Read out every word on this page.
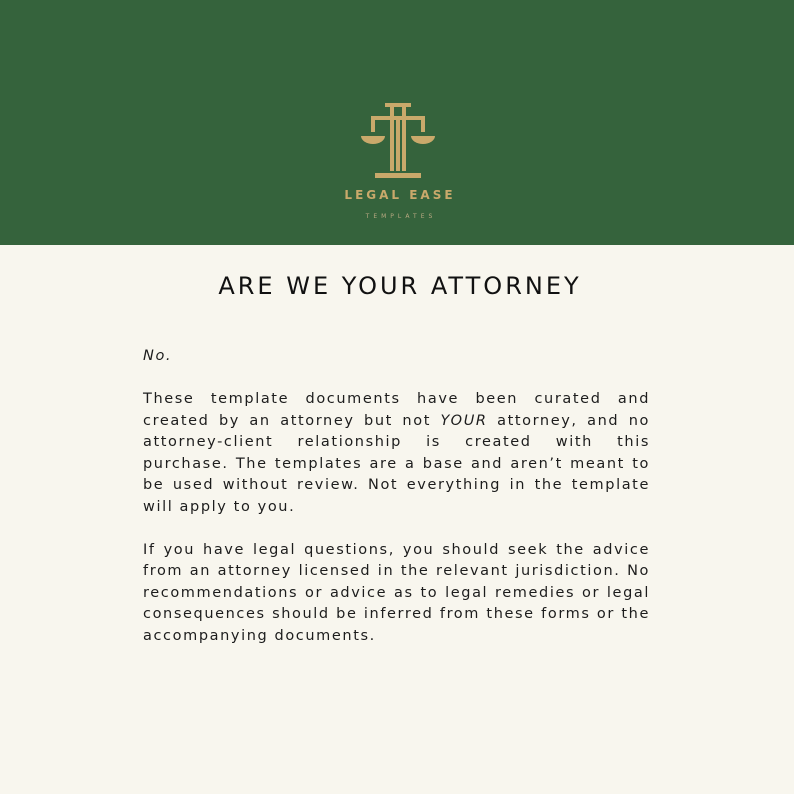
LEGAL EASE
TEMPLATES
ARE WE YOUR ATTORNEY

No.

These template documents have been curated and created by an attorney but not YOUR attorney, and no attorney-client relationship is created with this purchase. The templates are a base and aren’t meant to be used without review. Not everything in the template will apply to you.

If you have legal questions, you should seek the advice from an attorney licensed in the relevant jurisdiction. No recommendations or advice as to legal remedies or legal consequences should be inferred from these forms or the accompanying documents.
